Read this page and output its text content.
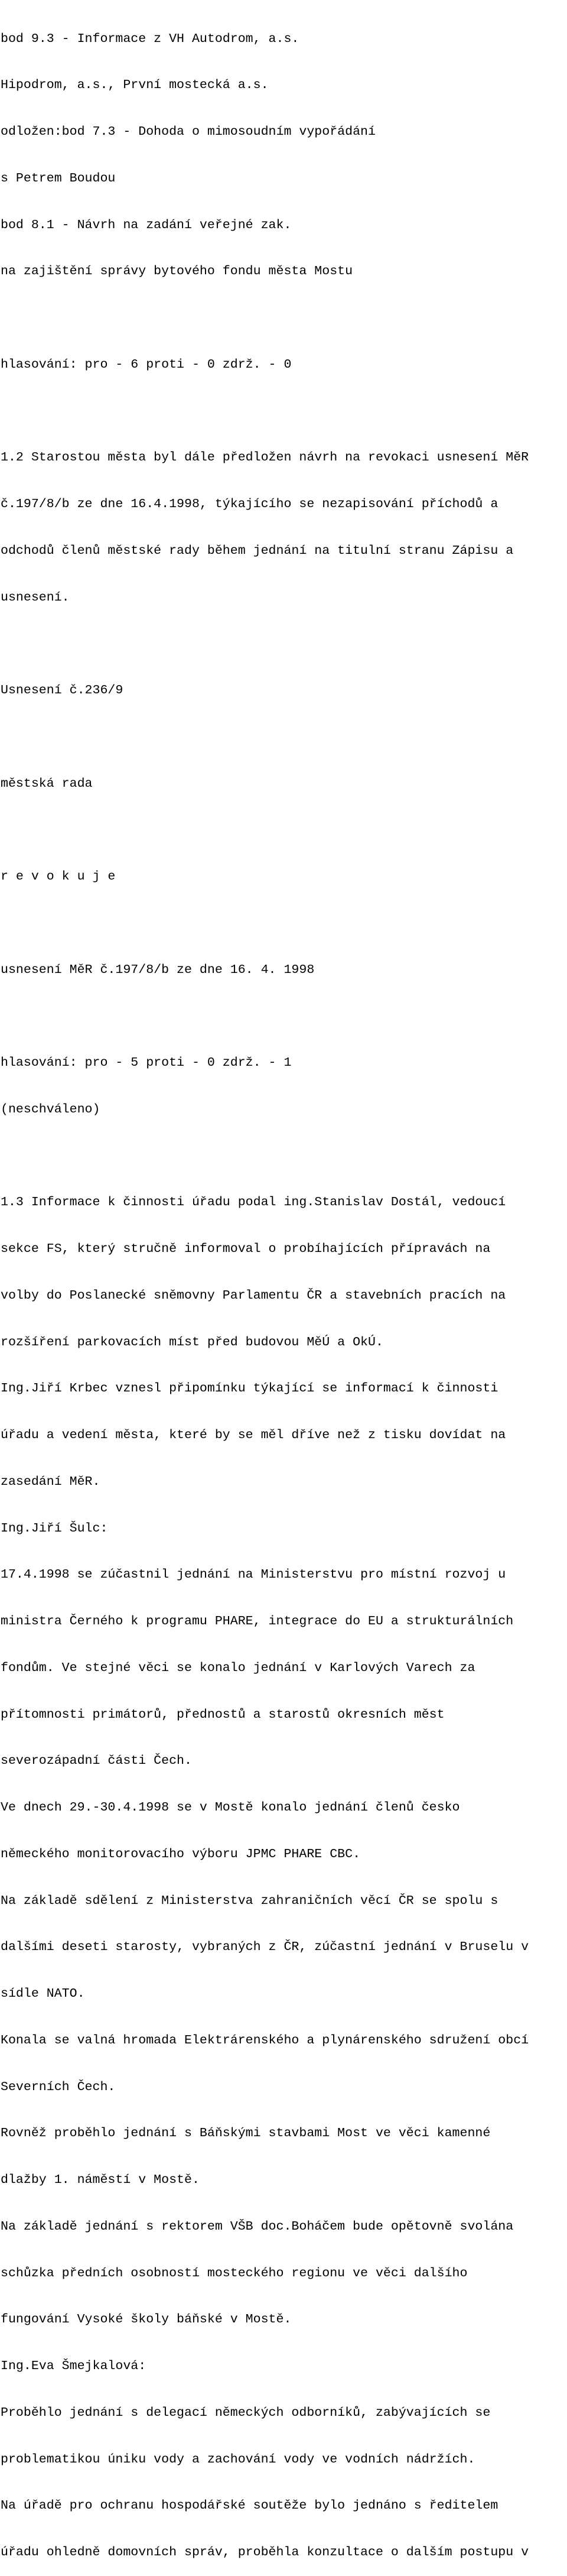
bod 9.3 - Informace z VH Autodrom, a.s.

Hipodrom, a.s., První mostecká a.s.

odložen:bod 7.3 - Dohoda o mimosoudním vypořádání

s Petrem Boudou

bod 8.1 - Návrh na zadání veřejné zak.

na zajištění správy bytového fondu města Mostu

hlasování: pro - 6 proti - 0 zdrž. - 0

1.2 Starostou města byl dále předložen návrh na revokaci usnesení MěR

č.197/8/b ze dne 16.4.1998, týkajícího se nezapisování příchodů a

odchodů členů městské rady během jednání na titulní stranu Zápisu a

usnesení.

Usnesení č.236/9

městská rada

r e v o k u j e

usnesení MěR č.197/8/b ze dne 16. 4. 1998

hlasování: pro - 5 proti - 0 zdrž. - 1

(neschváleno)

1.3 Informace k činnosti úřadu podal ing.Stanislav Dostál, vedoucí

sekce FS, který stručně informoval o probíhajících přípravách na

volby do Poslanecké sněmovny Parlamentu ČR a stavebních pracích na

rozšíření parkovacích míst před budovou MěÚ a OkÚ.

Ing.Jiří Krbec vznesl připomínku týkající se informací k činnosti

úřadu a vedení města, které by se měl dříve než z tisku dovídat na

zasedání MěR.

Ing.Jiří Šulc:

17.4.1998 se zúčastnil jednání na Ministerstvu pro místní rozvoj u

ministra Černého k programu PHARE, integrace do EU a strukturálních

fondům. Ve stejné věci se konalo jednání v Karlových Varech za

přítomnosti primátorů, přednostů a starostů okresních měst

severozápadní části Čech.

Ve dnech 29.-30.4.1998 se v Mostě konalo jednání členů česko

německého monitorovacího výboru JPMC PHARE CBC.

Na základě sdělení z Ministerstva zahraničních věcí ČR se spolu s

dalšími deseti starosty, vybraných z ČR, zúčastní jednání v Bruselu v

sídle NATO.

Konala se valná hromada Elektrárenského a plynárenského sdružení obcí

Severních Čech.

Rovněž proběhlo jednání s Báňskými stavbami Most ve věci kamenné

dlažby 1. náměstí v Mostě.

Na základě jednání s rektorem VŠB doc.Boháčem bude opětovně svolána

schůzka předních osobností mosteckého regionu ve věci dalšího

fungování Vysoké školy báňské v Mostě.

Ing.Eva Šmejkalová:

Proběhlo jednání s delegací německých odborníků, zabývajících se

problematikou úniku vody a zachování vody ve vodních nádržích.

Na úřadě pro ochranu hospodářské soutěže bylo jednáno s ředitelem

úřadu ohledně domovních správ, proběhla konzultace o dalším postupu v
